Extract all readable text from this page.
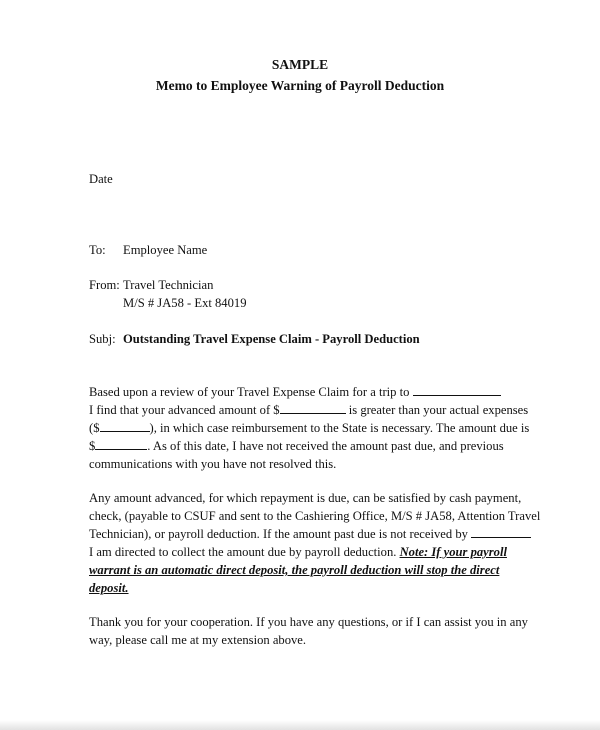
SAMPLE
Memo to Employee Warning of Payroll Deduction
Date
To: Employee Name
From: Travel Technician
M/S # JA58 - Ext 84019
Subj: Outstanding Travel Expense Claim - Payroll Deduction
Based upon a review of your Travel Expense Claim for a trip to
I find that your advanced amount of $	is greater than your actual expenses
($	), in which case reimbursement to the State is necessary. The amount due is
$	. As of this date, I have not received the amount past due, and previous
communications with you have not resolved this.
Any amount advanced, for which repayment is due, can be satisfied by cash payment,
check, (payable to CSUF and sent to the Cashiering Office, M/S # JA58, Attention Travel
Technician), or payroll deduction. If the amount past due is not received by
I am directed to collect the amount due by payroll deduction. Note: If your payroll
warrant is an automatic direct deposit, the payroll deduction will stop the direct
deposit.
Thank you for your cooperation. If you have any questions, or if I can assist you in any
way, please call me at my extension above.
